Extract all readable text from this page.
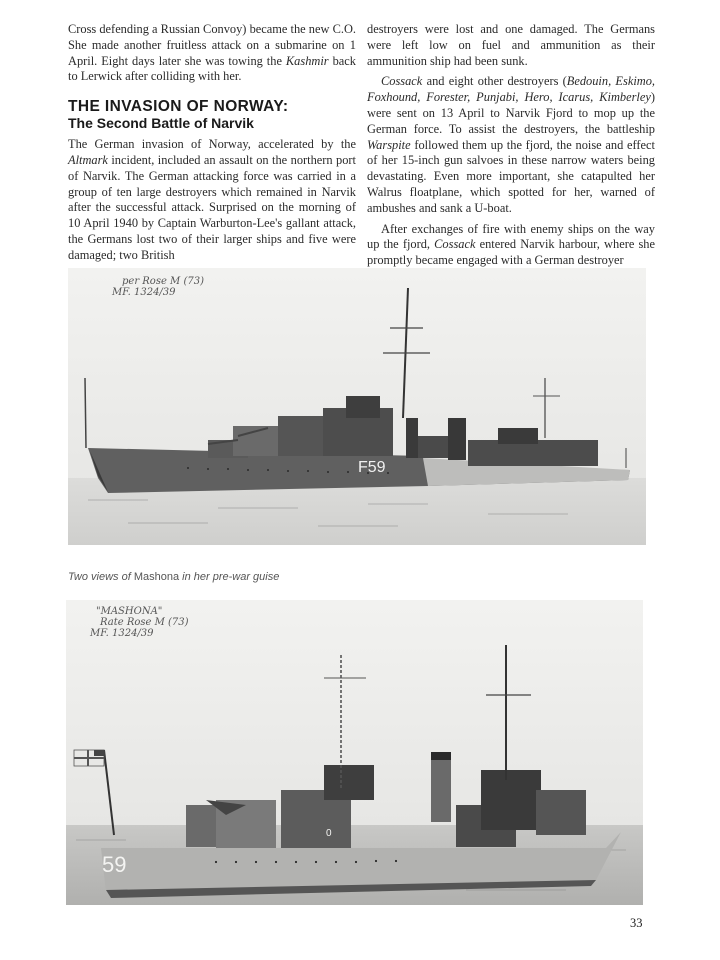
Cross defending a Russian Convoy) became the new C.O. She made another fruitless attack on a submarine on 1 April. Eight days later she was towing the Kashmir back to Lerwick after colliding with her.

THE INVASION OF NORWAY:
The Second Battle of Narvik

The German invasion of Norway, accelerated by the Altmark incident, included an assault on the northern port of Narvik. The German attacking force was carried in a group of ten large destroyers which remained in Narvik after the successful attack. Surprised on the morning of 10 April 1940 by Captain Warburton-Lee's gallant attack, the Germans lost two of their larger ships and five were damaged; two British

destroyers were lost and one damaged. The Germans were left low on fuel and ammunition as their ammunition ship had been sunk.

Cossack and eight other destroyers (Bedouin, Eskimo, Foxhound, Forester, Punjabi, Hero, Icarus, Kimberley) were sent on 13 April to Narvik Fjord to mop up the German force. To assist the destroyers, the battleship Warspite followed them up the fjord, the noise and effect of her 15-inch gun salvoes in these narrow waters being devastating. Even more important, she catapulted her Walrus floatplane, which spotted for her, warned of ambushes and sank a U-boat.

After exchanges of fire with enemy ships on the way up the fjord, Cossack entered Narvik harbour, where she promptly became engaged with a German destroyer

F59
per Rose M (73)
MF. 1324/39
Two views of Mashona in her pre-war guise
59
0
"MASHONA"
Rate Rose M (73)
MF. 1324/39
33
